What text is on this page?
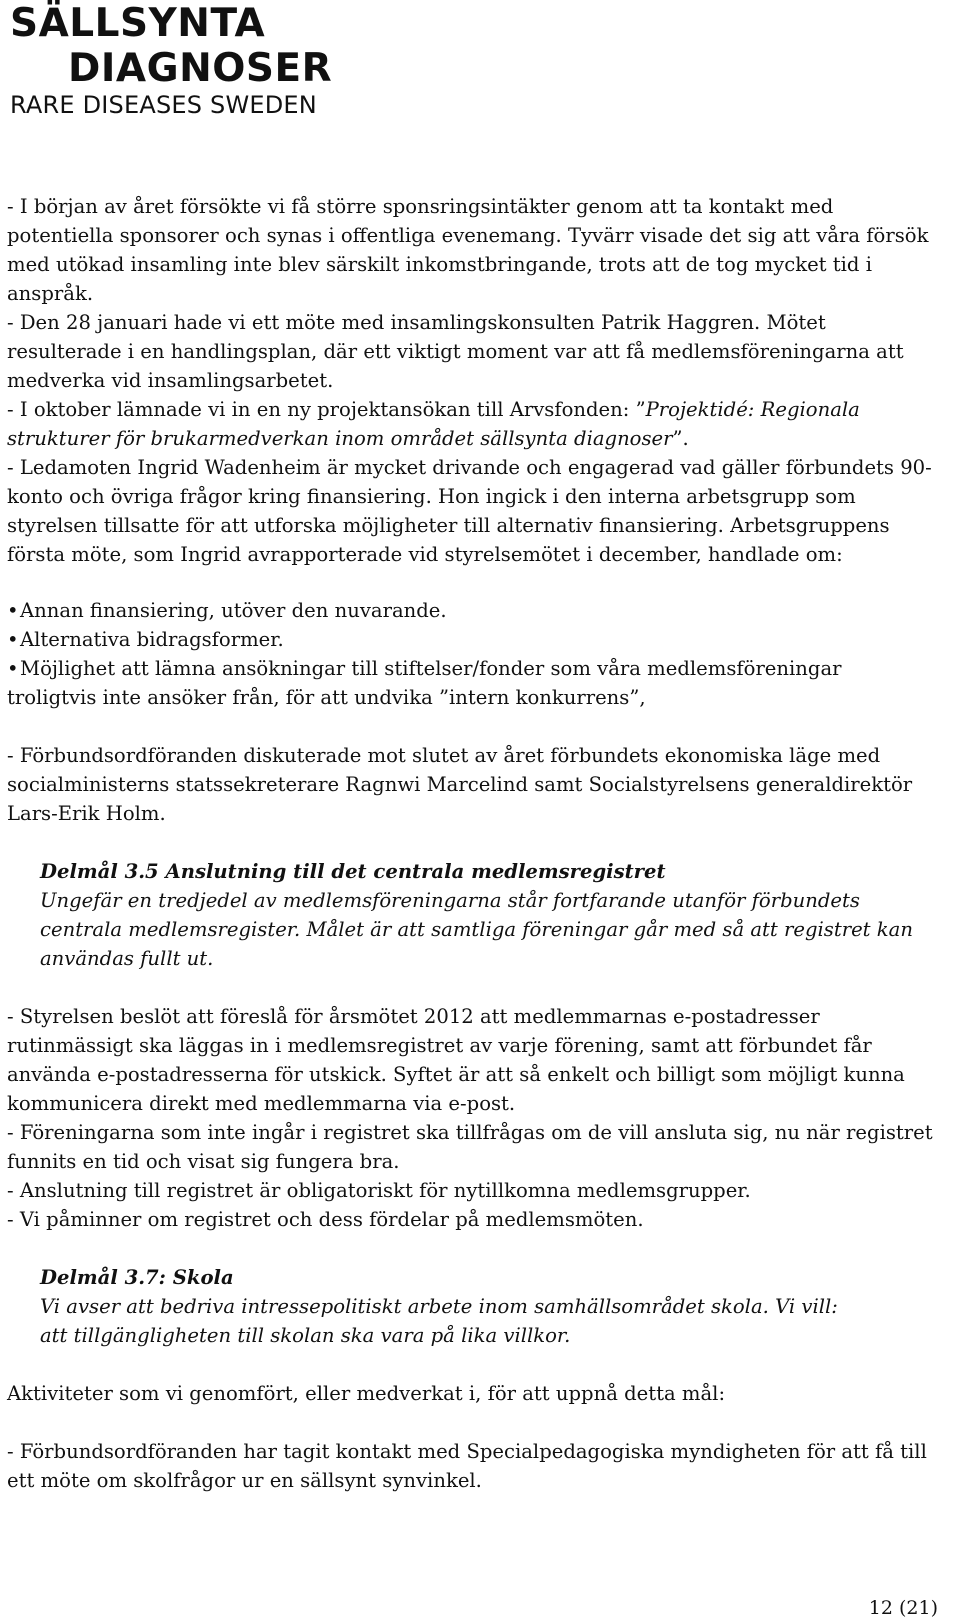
SÄLLSYNTA
DIAGNOSER
RARE DISEASES SWEDEN

- I början av året försökte vi få större sponsringsintäkter genom att ta kontakt med potentiella sponsorer och synas i offentliga evenemang. Tyvärr visade det sig att våra försök med utökad insamling inte blev särskilt inkomstbringande, trots att de tog mycket tid i anspråk.

- Den 28 januari hade vi ett möte med insamlingskonsulten Patrik Haggren. Mötet resulterade i en handlingsplan, där ett viktigt moment var att få medlemsföreningarna att medverka vid insamlingsarbetet.

- I oktober lämnade vi in en ny projektansökan till Arvsfonden: ”Projektidé: Regionala strukturer för brukarmedverkan inom området sällsynta diagnoser”.

- Ledamoten Ingrid Wadenheim är mycket drivande och engagerad vad gäller förbundets 90-konto och övriga frågor kring finansiering. Hon ingick i den interna arbetsgrupp som styrelsen tillsatte för att utforska möjligheter till alternativ finansiering. Arbetsgruppens första möte, som Ingrid avrapporterade vid styrelsemötet i december, handlade om:

•Annan finansiering, utöver den nuvarande.
•Alternativa bidragsformer.
•Möjlighet att lämna ansökningar till stiftelser/fonder som våra medlemsföreningar troligtvis inte ansöker från, för att undvika ”intern konkurrens”,

- Förbundsordföranden diskuterade mot slutet av året förbundets ekonomiska läge med socialministerns statssekreterare Ragnwi Marcelind samt Socialstyrelsens generaldirektör Lars-Erik Holm.

Delmål 3.5 Anslutning till det centrala medlemsregistret

Ungefär en tredjedel av medlemsföreningarna står fortfarande utanför förbundets centrala medlemsregister. Målet är att samtliga föreningar går med så att registret kan användas fullt ut.

- Styrelsen beslöt att föreslå för årsmötet 2012 att medlemmarnas e-postadresser rutinmässigt ska läggas in i medlemsregistret av varje förening, samt att förbundet får använda e-postadresserna för utskick. Syftet är att så enkelt och billigt som möjligt kunna kommunicera direkt med medlemmarna via e-post.

- Föreningarna som inte ingår i registret ska tillfrågas om de vill ansluta sig, nu när registret funnits en tid och visat sig fungera bra.

- Anslutning till registret är obligatoriskt för nytillkomna medlemsgrupper.

- Vi påminner om registret och dess fördelar på medlemsmöten.

Delmål 3.7: Skola

Vi avser att bedriva intressepolitiskt arbete inom samhällsområdet skola. Vi vill:

att tillgängligheten till skolan ska vara på lika villkor.

Aktiviteter som vi genomfört, eller medverkat i, för att uppnå detta mål:

- Förbundsordföranden har tagit kontakt med Specialpedagogiska myndigheten för att få till ett möte om skolfrågor ur en sällsynt synvinkel.

12 (21)
